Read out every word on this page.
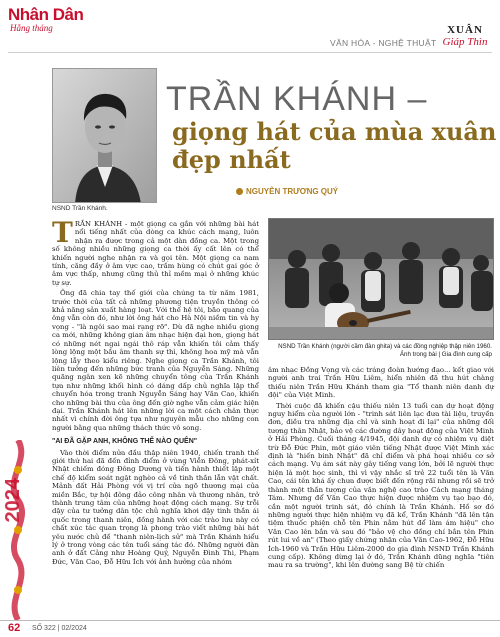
Nhân Dân
Hằng tháng
VĂN HÓA - NGHỆ THUẬT
XUÂN
Giáp Thìn
NSND Trần Khánh.
TRẦN KHÁNH –
giọng hát của mùa xuân
đẹp nhất
NGUYỄN TRƯƠNG QUÝ

TRẦN KHÁNH - một giọng ca gắn với những bài hát nổi tiếng nhất của dòng ca khúc cách mạng, luôn nhận ra được trong cả một dàn đồng ca. Một trong số không nhiều những giọng ca thời ấy cất lên có thể khiến người nghe nhận ra và gọi tên. Một giọng ca nam tính, căng đầy ở âm vực cao, trầm hùng có chút gai góc ở âm vực thấp, nhưng cũng thủ thỉ mềm mại ở những khúc tự sự.

Ông đã chia tay thế giới của chúng ta từ năm 1981, trước thời của tất cả những phương tiện truyền thông có khả năng sản xuất hàng loạt. Với thế hệ tôi, bão quang của ông vẫn còn đó, như lời ông hát cho Hà Nội niềm tin và hy vọng - "là ngôi sao mai rạng rỡ". Dù đã nghe nhiều giọng ca mới, những không gian âm nhạc hiện đại hơn, giọng hát có những nét ngai ngái thô ráp vẫn khiến tôi cảm thấy lòng lộng một bầu âm thanh sự thì, không hoa mỹ mà vẫn lộng lẫy theo kiểu riêng. Nghe giọng ca Trần Khánh, tôi liên tưởng đến những bức tranh của Nguyễn Sáng. Những quãng ngân xen kẽ những chuyển tông của Trần Khánh tựa như những khối hình có dáng dấp chủ nghĩa lập thể chuyển hóa trong tranh Nguyễn Sáng hay Văn Cao, khiến cho những bài thu của ông đến giờ nghe vẫn cảm giác hiện đại. Trần Khánh hát lên những lời ca một cách chân thực nhất vì chính đời ông tựa như nguyên mẫu cho những con người bằng qua những thách thức vô song.

"AI ĐÃ GẶP ANH, KHÔNG THỂ NÀO QUÊN"

Vào thời điểm nửa đầu thập niên 1940, chiến tranh thế giới thứ hai đã đến đỉnh điểm ở vùng Viễn Đông, phát-xít Nhật chiếm đóng Đông Dương và tiến hành thiết lập một chế độ kiểm soát ngặt nghèo cả về tinh thần lẫn vật chất. Mảnh đất Hải Phòng với vị trí cửa ngõ thương mại của miền Bắc, tự hội đông đảo công nhân và thương nhân, trở thành trung tâm của những hoạt động cách mạng. Sự trỗi dậy của tư tưởng dân tộc chủ nghĩa khơi dậy tinh thần ái quốc trong thanh niên, đồng hành với các trào lưu này có chất xúc tác quan trọng là phong trào viết những bài hát yêu nước chủ đề "thanh niên-lịch sử" mà Trần Khánh hiểu lý ở trong vòng các tên tuổi sáng tác đó. Những người đàn anh ở đất Cảng như Hoàng Quý, Nguyễn Đình Thi, Phạm Đức, Văn Cao, Đỗ Hữu Ích với ảnh hưởng của nhóm

NSND Trần Khánh (người cầm đàn ghita) và các đồng nghiệp thập niên 1960.
Ảnh trong bài | Gia đình cung cấp

âm nhạc Đồng Vọng và các tráng đoàn hướng đạo... kết giao với người anh trai Trần Hữu Liêm, hiển nhiên đã thu hút chàng thiếu niên Trần Hữu Khánh tham gia "Tổ thanh niên danh dự đội" của Việt Minh.

Thời cuộc đã khiến cậu thiếu niên 13 tuổi can dự hoạt động nguy hiểm của người lớn - "trinh sát liên lạc đưa tài liệu, truyền đơn, điều tra những địa chỉ và sinh hoạt đi lại" của những đối tượng thân Nhật, bảo vệ các đường dây hoạt động của Việt Minh ở Hải Phòng. Cuối tháng 4/1945, đội danh dự có nhiệm vụ diệt trừ Đỗ Đức Phin, một giáo viên tiếng Nhật được Việt Minh xác định là "hiến binh Nhật" đã chỉ điểm và phá hoại nhiều cơ sở cách mạng. Vụ ám sát này gây tiếng vang lớn, bởi lẽ người thực hiện là một học sinh, thì vì vậy nhắc sĩ trẻ 22 tuổi tên là Văn Cao, cái tên khá ấy chưa được biết đến rộng rãi nhưng rồi sẽ trở thành một thần tượng của văn nghệ cao trào Cách mạng tháng Tám. Nhưng để Văn Cao thực hiện được nhiệm vụ tạo bạo đó, cần một người trinh sát, đó chính là Trần Khánh. Hồ sơ đó những người thực hiện nhiệm vụ đã kể, Trần Khánh "đã lên tận tiệm thuốc phiện chỗ tên Phin nằm hút để làm ám hiệu" cho Văn Cao lên bắn và sau đó "bảo vệ cho đồng chí bắn tên Phin rút lui về an" (Theo giấy chứng nhận của Văn Cao-1962, Đỗ Hữu Ích-1960 và Trần Hữu Liêm-2000 do gia đình NSND Trần Khánh cung cấp). Không dừng lại ở đó, Trần Khánh dũng nghĩa "tiên mau ra sa trường", khi lên đường sang Bệ từ chiến

2024
62 SỐ 322 | 02/2024
